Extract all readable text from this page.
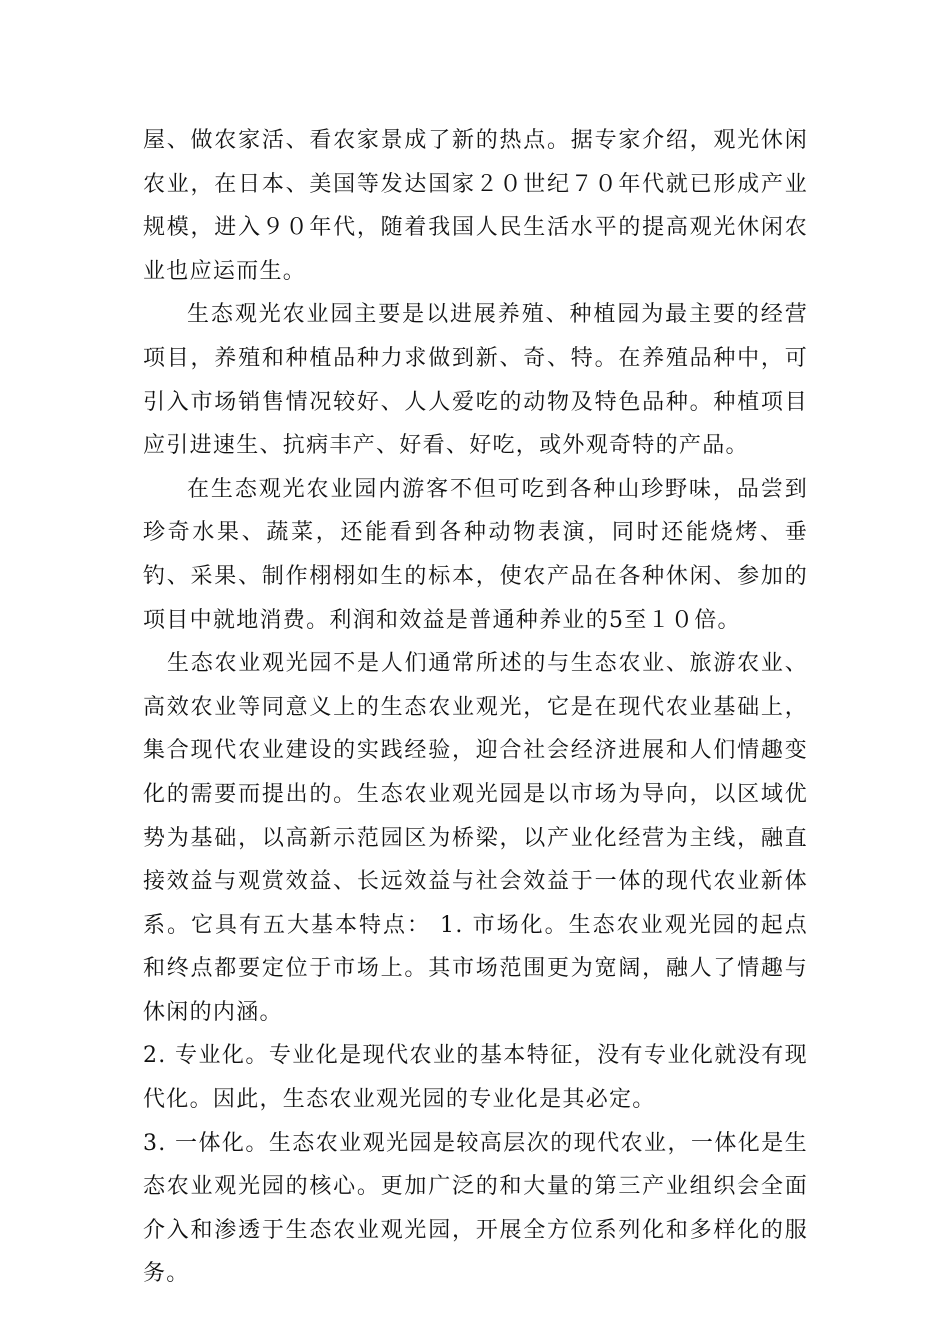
屋、做农家活、看农家景成了新的热点。据专家介绍，观光休闲农业，在日本、美国等发达国家２０世纪７０年代就已形成产业规模，进入９０年代，随着我国人民生活水平的提高观光休闲农业也应运而生。

生态观光农业园主要是以进展养殖、种植园为最主要的经营项目，养殖和种植品种力求做到新、奇、特。在养殖品种中，可引入市场销售情况较好、人人爱吃的动物及特色品种。种植项目应引进速生、抗病丰产、好看、好吃，或外观奇特的产品。

在生态观光农业园内游客不但可吃到各种山珍野味，品尝到珍奇水果、蔬菜，还能看到各种动物表演，同时还能烧烤、垂钓、采果、制作栩栩如生的标本，使农产品在各种休闲、参加的项目中就地消费。利润和效益是普通种养业的5至１０倍。

生态农业观光园不是人们通常所述的与生态农业、旅游农业、高效农业等同意义上的生态农业观光，它是在现代农业基础上，集合现代农业建设的实践经验，迎合社会经济进展和人们情趣变化的需要而提出的。生态农业观光园是以市场为导向，以区域优势为基础，以高新示范园区为桥梁，以产业化经营为主线，融直接效益与观赏效益、长远效益与社会效益于一体的现代农业新体系。它具有五大基本特点： 1. 市场化。生态农业观光园的起点和终点都要定位于市场上。其市场范围更为宽阔，融人了情趣与休闲的内涵。

2. 专业化。专业化是现代农业的基本特征，没有专业化就没有现代化。因此，生态农业观光园的专业化是其必定。

3. 一体化。生态农业观光园是较高层次的现代农业，一体化是生态农业观光园的核心。更加广泛的和大量的第三产业组织会全面介入和渗透于生态农业观光园，开展全方位系列化和多样化的服务。
